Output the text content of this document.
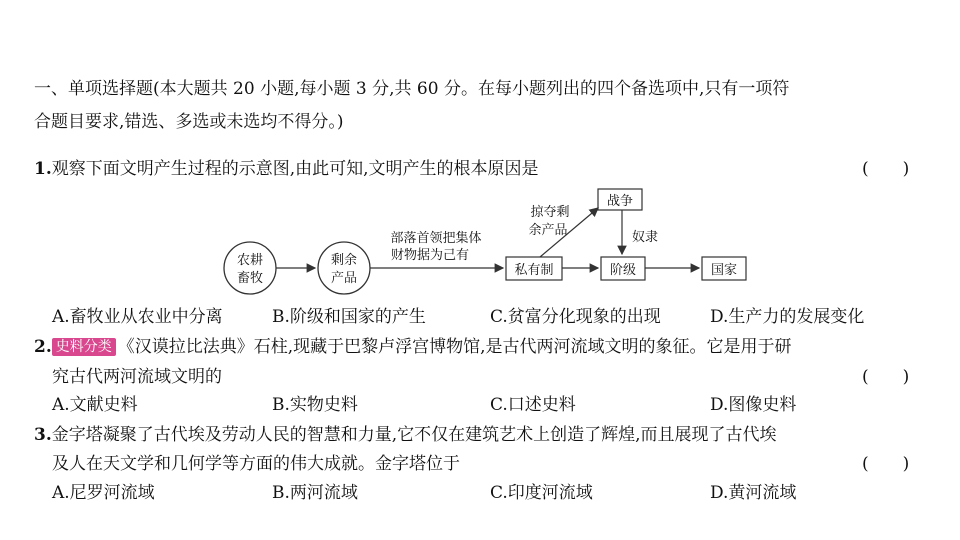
一、单项选择题(本大题共 20 小题,每小题 3 分,共 60 分。在每小题列出的四个备选项中,只有一项符
合题目要求,错选、多选或未选均不得分。)
1.观察下面文明产生过程的示意图,由此可知,文明产生的根本原因是	(　　)
农耕
畜牧
剩余
产品
部落首领把集体
财物据为己有
私有制
掠夺剩
余产品
战争
奴隶
阶级	国家
A.畜牧业从农业中分离	B.阶级和国家的产生	C.贫富分化现象的出现	D.生产力的发展变化
2. 史料分类 《汉谟拉比法典》石柱,现藏于巴黎卢浮宫博物馆,是古代两河流域文明的象征。它是用于研
究古代两河流域文明的	(　　)
A.文献史料	B.实物史料	C.口述史料	D.图像史料
3.金字塔凝聚了古代埃及劳动人民的智慧和力量,它不仅在建筑艺术上创造了辉煌,而且展现了古代埃
及人在天文学和几何学等方面的伟大成就。金字塔位于	(　　)
A.尼罗河流域	B.两河流域	C.印度河流域	D.黄河流域
